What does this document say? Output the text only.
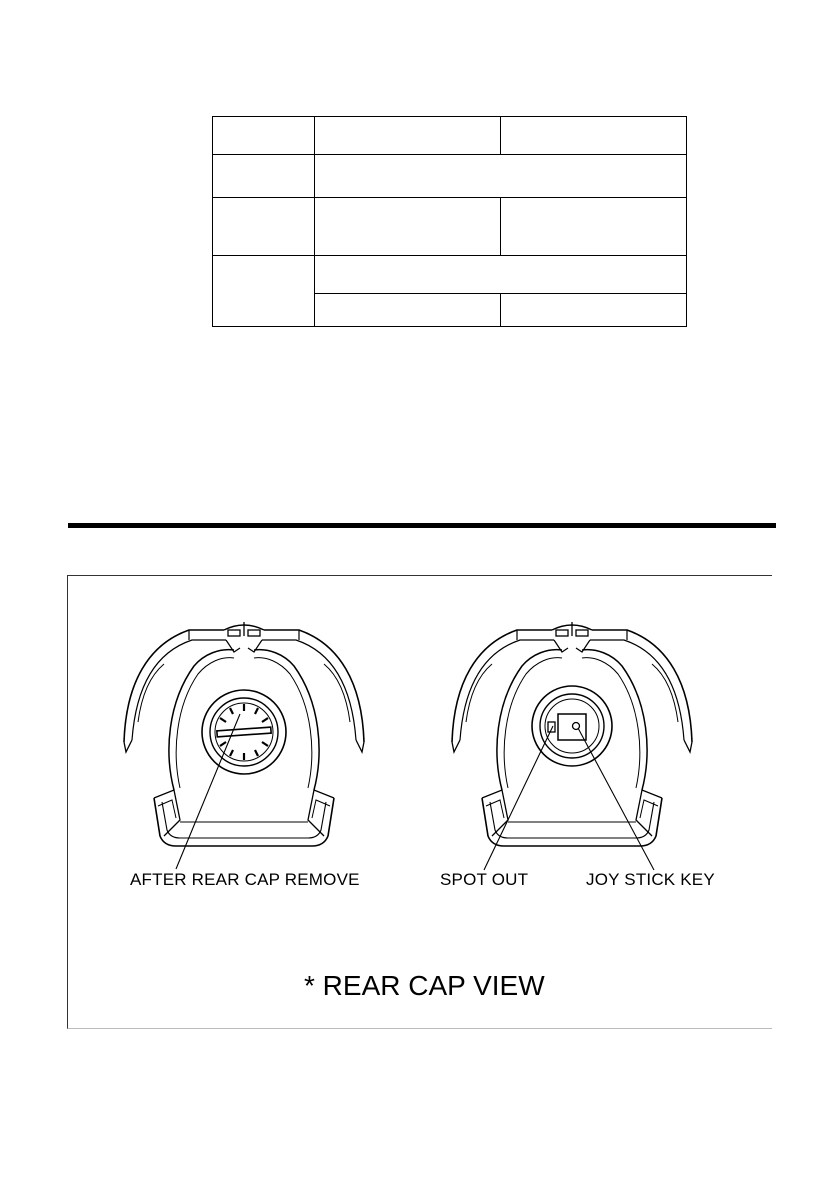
AFTER REAR CAP REMOVE	SPOT OUT	JOY STICK KEY
* REAR CAP VIEW
